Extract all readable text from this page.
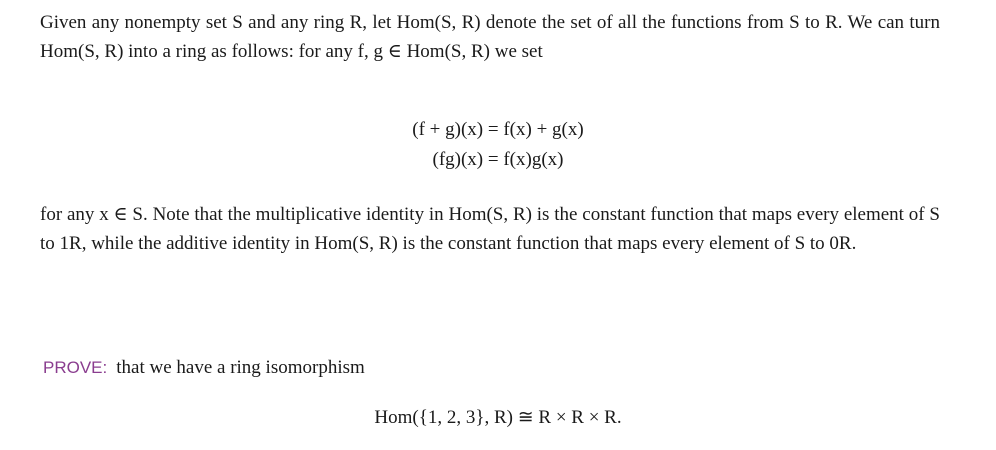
Given any nonempty set S and any ring R, let Hom(S, R) denote the set of all the functions from S to R. We can turn Hom(S, R) into a ring as follows: for any f, g ∈ Hom(S, R) we set
(f + g)(x) = f(x) + g(x)
(fg)(x) = f(x)g(x)
for any x ∈ S. Note that the multiplicative identity in Hom(S, R) is the constant function that maps every element of S to 1R, while the additive identity in Hom(S, R) is the constant function that maps every element of S to 0R.
PROVE: that we have a ring isomorphism
Hom({1, 2, 3}, R) ≅ R × R × R.
